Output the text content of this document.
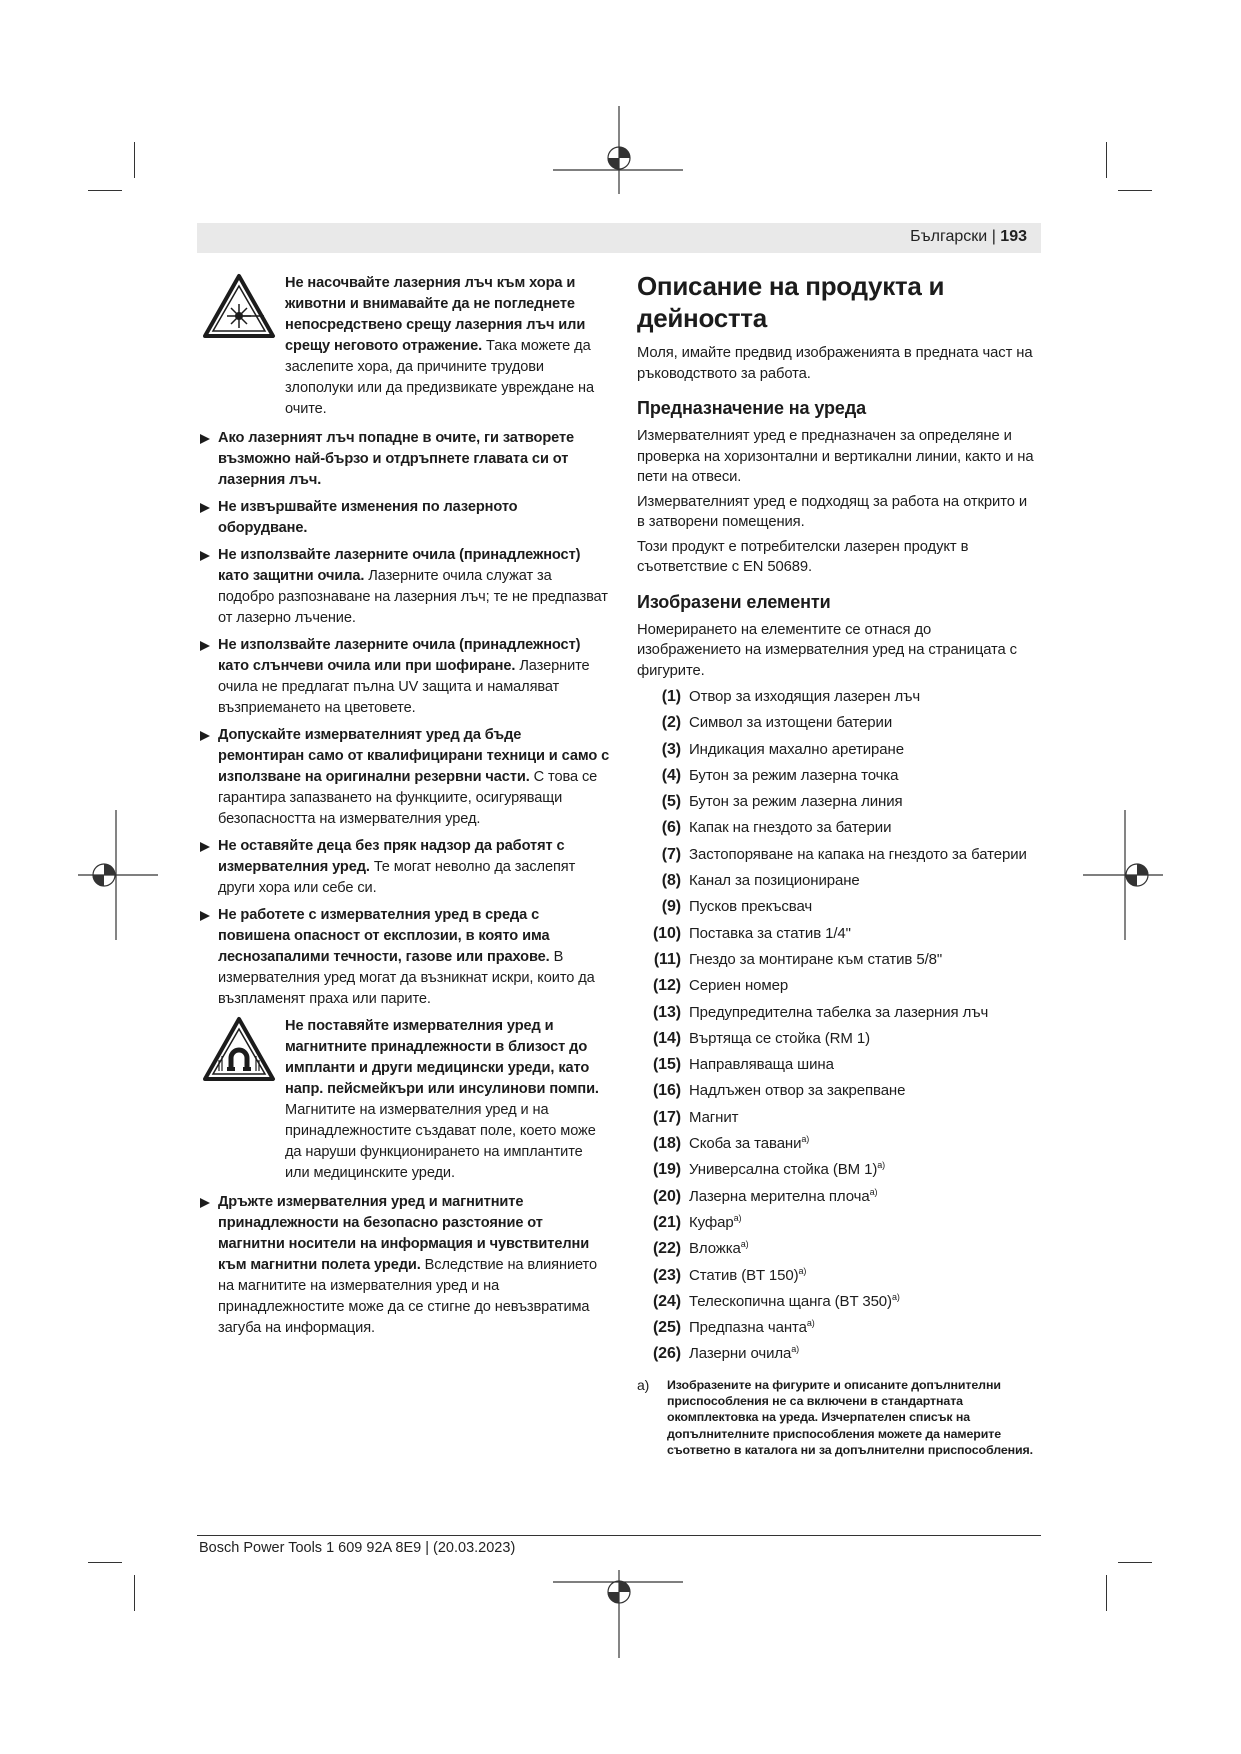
Български | 193

Не насочвайте лазерния лъч към хора и животни и внимавайте да не погледнете непосредствено срещу лазерния лъч или срещу неговото отражение. Така можете да заслепите хора, да причините трудови злополуки или да предизвикате увреждане на очите.

Ако лазерният лъч попадне в очите, ги затворете възможно най-бързо и отдръпнете главата си от лазерния лъч.

Не извършвайте изменения по лазерното оборудване.

Не използвайте лазерните очила (принадлежност) като защитни очила. Лазерните очила служат за подобро разпознаване на лазерния лъч; те не предпазват от лазерно лъчение.

Не използвайте лазерните очила (принадлежност) като слънчеви очила или при шофиране. Лазерните очила не предлагат пълна UV защита и намаляват възприемането на цветовете.

Допускайте измервателният уред да бъде ремонтиран само от квалифицирани техници и само с използване на оригинални резервни части. С това се гарантира запазването на функциите, осигуряващи безопасността на измервателния уред.

Не оставяйте деца без пряк надзор да работят с измервателния уред. Те могат неволно да заслепят други хора или себе си.

Не работете с измервателния уред в среда с повишена опасност от експлозии, в която има леснозапалими течности, газове или прахове. В измервателния уред могат да възникнат искри, които да възпламенят праха или парите.

Не поставяйте измервателния уред и магнитните принадлежности в близост до импланти и други медицински уреди, като напр. пейсмейкъри или инсулинови помпи. Магнитите на измервателния уред и на принадлежностите създават поле, което може да наруши функционирането на имплантите или медицинските уреди.

Дръжте измервателния уред и магнитните принадлежности на безопасно разстояние от магнитни носители на информация и чувствителни към магнитни полета уреди. Вследствие на влиянието на магнитите на измервателния уред и на принадлежностите може да се стигне до невъзвратима загуба на информация.

Описание на продукта и дейността

Моля, имайте предвид изображенията в предната част на ръководството за работа.

Предназначение на уреда

Измервателният уред е предназначен за определяне и проверка на хоризонтални и вертикални линии, както и на пети на отвеси.

Измервателният уред е подходящ за работа на открито и в затворени помещения.

Този продукт е потребителски лазерен продукт в съответствие с EN 50689.

Изобразени елементи

Номерирането на елементите се отнася до изображението на измервателния уред на страницата с фигурите.

(1) Отвор за изходящия лазерен лъч
(2) Символ за изтощени батерии
(3) Индикация махално аретиране
(4) Бутон за режим лазерна точка
(5) Бутон за режим лазерна линия
(6) Капак на гнездото за батерии
(7) Застопоряване на капака на гнездото за батерии
(8) Канал за позициониране
(9) Пусков прекъсвач
(10) Поставка за статив 1/4"
(11) Гнездо за монтиране към статив 5/8"
(12) Сериен номер
(13) Предупредителна табелка за лазерния лъч
(14) Въртяща се стойка (RM 1)
(15) Направляваща шина
(16) Надлъжен отвор за закрепване
(17) Магнит
(18) Скоба за тавани$^{a)}$
(19) Универсална стойка (BM 1)$^{a)}$
(20) Лазерна мерителна плоча$^{a)}$
(21) Куфар$^{a)}$
(22) Вложка$^{a)}$
(23) Статив (BT 150)$^{a)}$
(24) Телескопична щанга (BT 350)$^{a)}$
(25) Предпазна чанта$^{a)}$
(26) Лазерни очила$^{a)}$
a)	Изобразените на фигурите и описаните допълнителни приспособления не са включени в стандартната окомплектовка на уреда. Изчерпателен списък на допълнителните приспособления можете да намерите съответно в каталога ни за допълнителни приспособления.
Bosch Power Tools 1 609 92A 8E9 | (20.03.2023)
